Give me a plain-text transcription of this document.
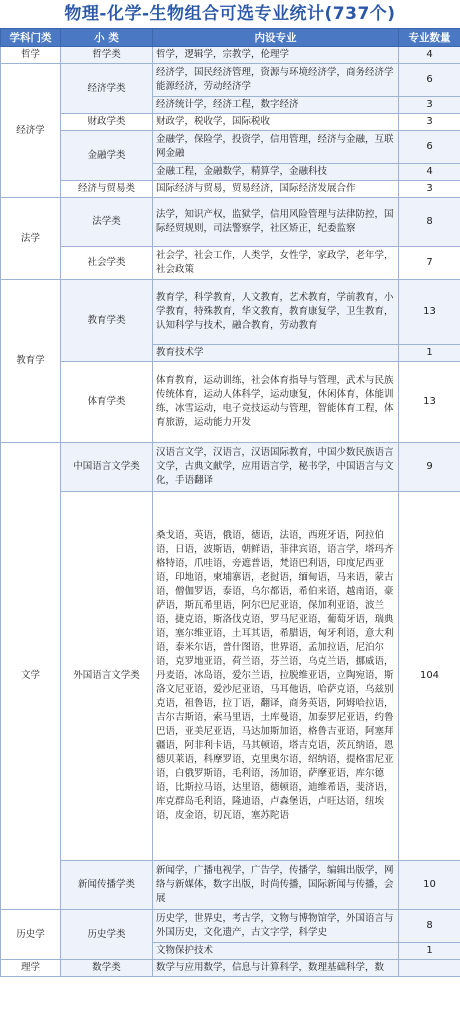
物理-化学-生物组合可选专业统计(737个)
学科门类	小 类	内设专业	专业数量
哲学	哲学类	哲学，逻辑学，宗教学，伦理学	4
经济学	经济学类	经济学，国民经济管理，资源与环境经济学，商务经济学能源经济，劳动经济学	6
		经济统计学，经济工程，数字经济	3
	财政学类	财政学，税收学，国际税收	3
	金融学类	金融学，保险学，投资学，信用管理，经济与金融，互联网金融	6
		金融工程，金融数学，精算学，金融科技	4
	经济与贸易类	国际经济与贸易，贸易经济，国际经济发展合作	3
法学	法学类	法学，知识产权，监狱学，信用风险管理与法律防控，国际经贸规则，司法警察学，社区矫正，纪委监察	8
	社会学类	社会学，社会工作，人类学，女性学，家政学，老年学，社会政策	7
教育学	教育学类	教育学，科学教育，人文教育，艺术教育，学前教育，小学教育，特殊教育，华文教育，教育康复学，卫生教育，认知科学与技术，融合教育，劳动教育	13
		教育技术学	1
	体育学类	体育教育，运动训练，社会体育指导与管理，武术与民族传统体育，运动人体科学，运动康复，休闲体育，体能训练，冰雪运动，电子竞技运动与管理，智能体育工程，体育旅游，运动能力开发	13
文学	中国语言文学类	汉语言文学，汉语言，汉语国际教育，中国少数民族语言文学，古典文献学，应用语言学，秘书学，中国语言与文化，手语翻译	9
	外国语言文学类	桑戈语，英语，俄语，德语，法语，西班牙语，阿拉伯语，日语，波斯语，朝鲜语，菲律宾语，语言学，塔玛齐格特语，爪哇语，旁遮普语，梵语巴利语，印度尼西亚语，印地语，柬埔寨语，老挝语，缅甸语，马来语，蒙古语，僧伽罗语，泰语，乌尔都语，希伯来语，越南语，豪萨语，斯瓦希里语，阿尔巴尼亚语，保加利亚语，波兰语，捷克语，斯洛伐克语，罗马尼亚语，葡萄牙语，瑞典语，塞尔维亚语，土耳其语，希腊语，匈牙利语，意大利语，泰米尔语，普什图语，世界语，孟加拉语，尼泊尔语，克罗地亚语，荷兰语，芬兰语，乌克兰语，挪威语，丹麦语，冰岛语，爱尔兰语，拉脱维亚语，立陶宛语，斯洛文尼亚语，爱沙尼亚语，马耳他语，哈萨克语，乌兹别克语，祖鲁语，拉丁语，翻译，商务英语，阿姆哈拉语，吉尔吉斯语，索马里语，土库曼语，加泰罗尼亚语，约鲁巴语，亚美尼亚语，马达加斯加语，格鲁吉亚语，阿塞拜疆语，阿非利卡语，马其顿语，塔吉克语，茨瓦纳语，恩德贝莱语，科摩罗语，克里奥尔语，绍纳语，提格雷尼亚语，白俄罗斯语，毛利语，汤加语，萨摩亚语，库尔德语，比斯拉马语，达里语，德顿语，迪维希语，斐济语，库克群岛毛利语，隆迪语，卢森堡语，卢旺达语，纽埃语，皮金语，切瓦语，塞苏陀语	104
	新闻传播学类	新闻学，广播电视学，广告学，传播学，编辑出版学，网络与新媒体，数字出版，时尚传播，国际新闻与传播，会展	10
历史学	历史学类	历史学，世界史，考古学，文物与博物馆学，外国语言与外国历史，文化遗产，古文字学，科学史	8
		文物保护技术	1
理学	数学类	数学与应用数学，信息与计算科学，数理基础科学，数	
